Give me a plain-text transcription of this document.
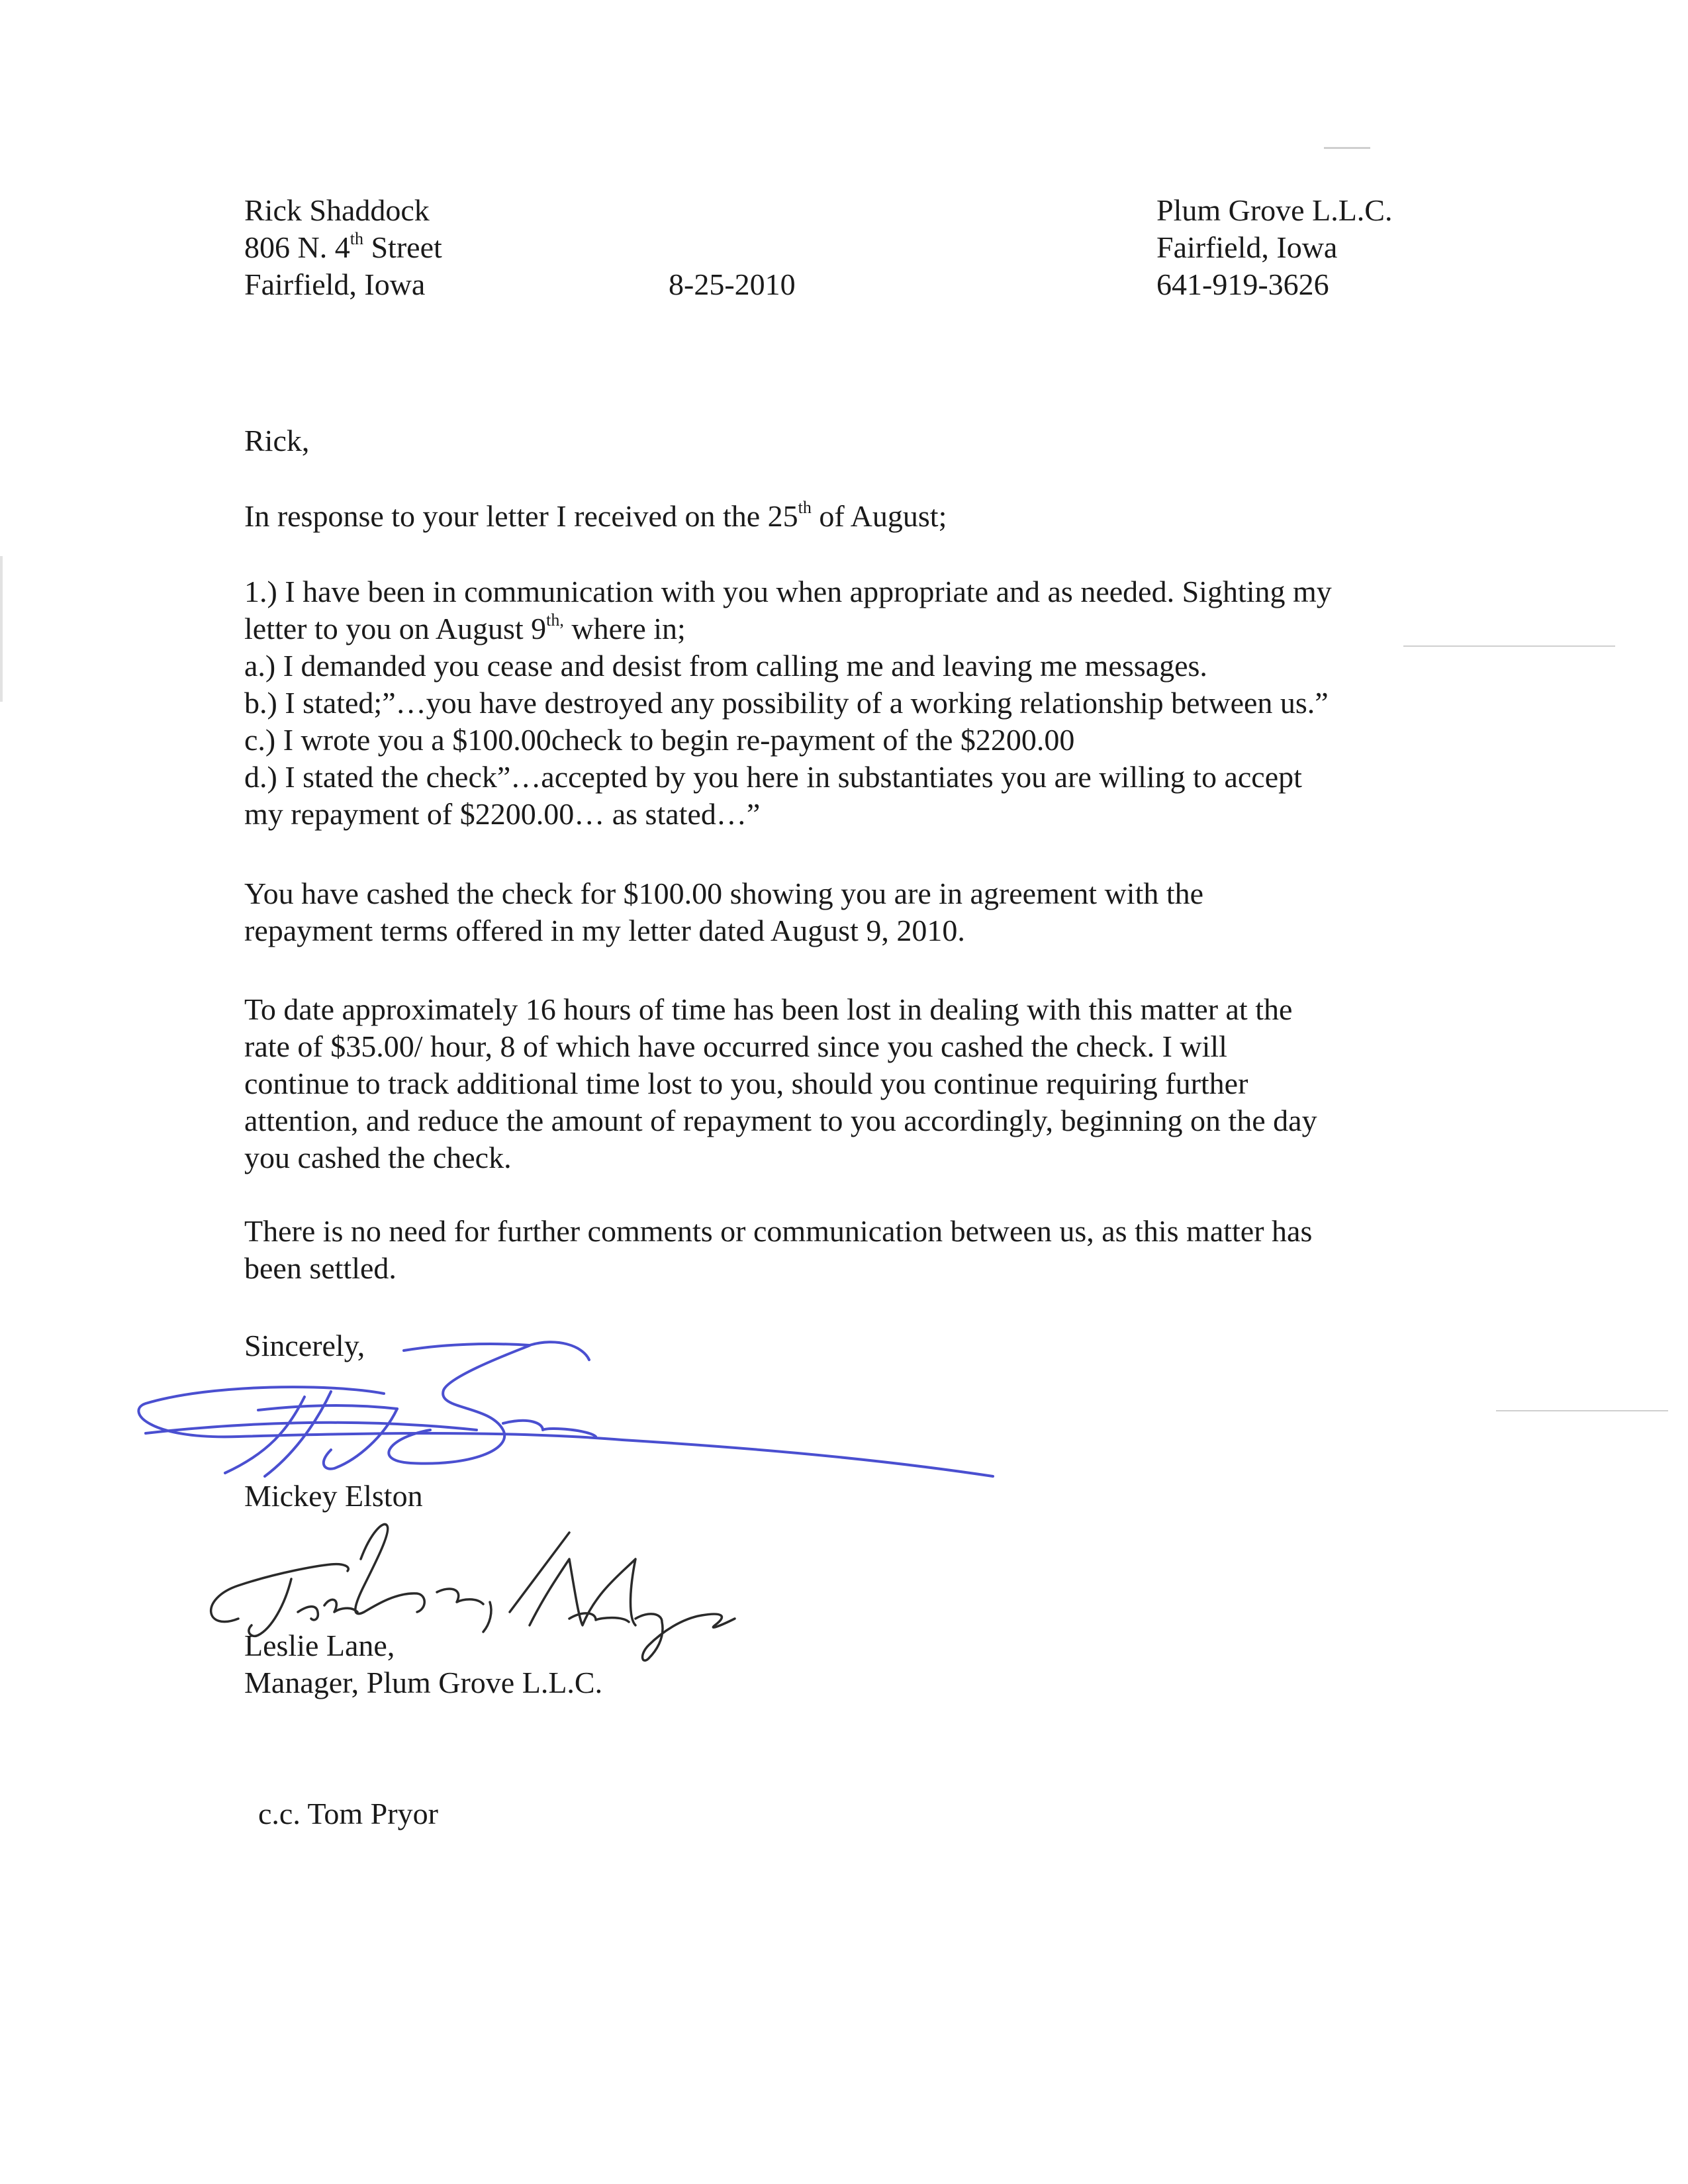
Rick Shaddock
806 N. 4th Street
Fairfield, Iowa	8-25-2010
Plum Grove L.L.C.
Fairfield, Iowa
641-919-3626
Rick,
In response to your letter I received on the 25th of August;
1.) I have been in communication with you when appropriate and as needed. Sighting my
letter to you on August $9^{th,}$ where in;
a.) I demanded you cease and desist from calling me and leaving me messages.
b.) I stated;”…you have destroyed any possibility of a working relationship between us.”
c.) I wrote you a $100.00check to begin re-payment of the $2200.00
d.) I stated the check”…accepted by you here in substantiates you are willing to accept
my repayment of $2200.00… as stated…”
You have cashed the check for $100.00 showing you are in agreement with the
repayment terms offered in my letter dated August 9, 2010.
To date approximately 16 hours of time has been lost in dealing with this matter at the
rate of $35.00/ hour, 8 of which have occurred since you cashed the check. I will
continue to track additional time lost to you, should you continue requiring further
attention, and reduce the amount of repayment to you accordingly, beginning on the day
you cashed the check.
There is no need for further comments or communication between us, as this matter has
been settled.
Sincerely,
Mickey Elston
Leslie Lane,
Manager, Plum Grove L.L.C.
c.c. Tom Pryor
